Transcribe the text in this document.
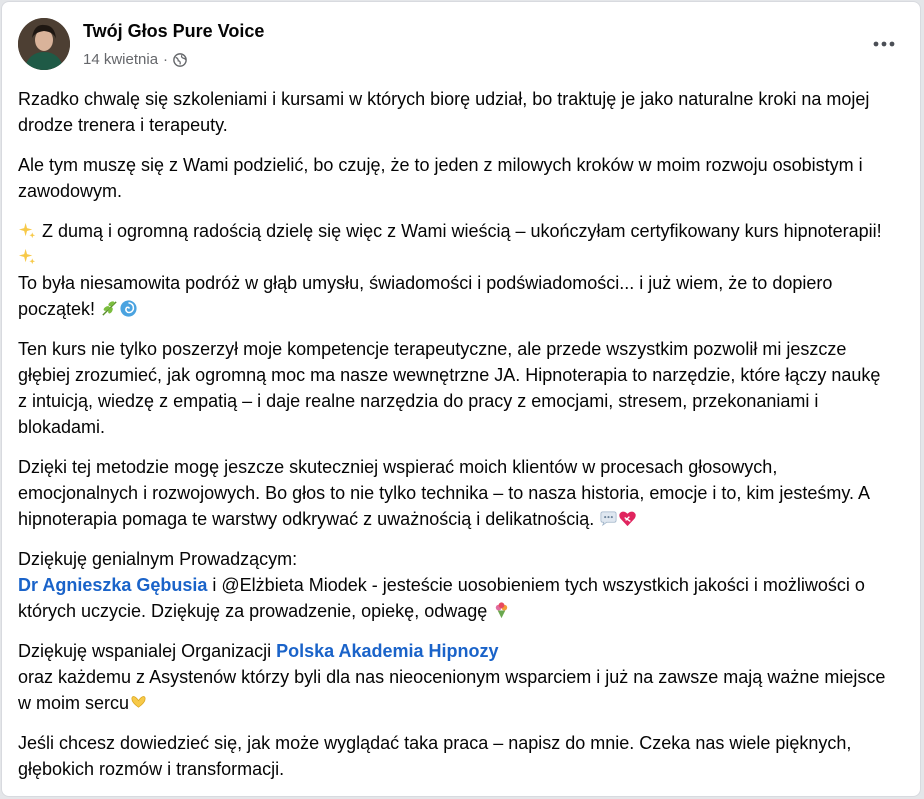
Twój Głos Pure Voice
14 kwietnia ·

Rzadko chwalę się szkoleniami i kursami w których biorę udział, bo traktuję je jako naturalne kroki na mojej drodze trenera i terapeuty.

Ale tym muszę się z Wami podzielić, bo czuję, że to jeden z milowych kroków w moim rozwoju osobistym i zawodowym.

Z dumą i ogromną radością dzielę się więc z Wami wieścią – ukończyłam certyfikowany kurs hipnoterapii!
To była niesamowita podróż w głąb umysłu, świadomości i podświadomości... i już wiem, że to dopiero początek!

Ten kurs nie tylko poszerzył moje kompetencje terapeutyczne, ale przede wszystkim pozwolił mi jeszcze głębiej zrozumieć, jak ogromną moc ma nasze wewnętrzne JA. Hipnoterapia to narzędzie, które łączy naukę z intuicją, wiedzę z empatią – i daje realne narzędzia do pracy z emocjami, stresem, przekonaniami i blokadami.

Dzięki tej metodzie mogę jeszcze skuteczniej wspierać moich klientów w procesach głosowych, emocjonalnych i rozwojowych. Bo głos to nie tylko technika – to nasza historia, emocje i to, kim jesteśmy. A hipnoterapia pomaga te warstwy odkrywać z uważnością i delikatnością.

Dziękuję genialnym Prowadzącym:
Dr Agnieszka Gębusia i @Elżbieta Miodek - jesteście uosobieniem tych wszystkich jakości i możliwości o których uczycie. Dziękuję za prowadzenie, opiekę, odwagę

Dziękuję wspanialej Organizacji Polska Akademia Hipnozy
oraz każdemu z Asystenów którzy byli dla nas nieocenionym wsparciem i już na zawsze mają ważne miejsce w moim sercu

Jeśli chcesz dowiedzieć się, jak może wyglądać taka praca – napisz do mnie. Czeka nas wiele pięknych, głębokich rozmów i transformacji.
